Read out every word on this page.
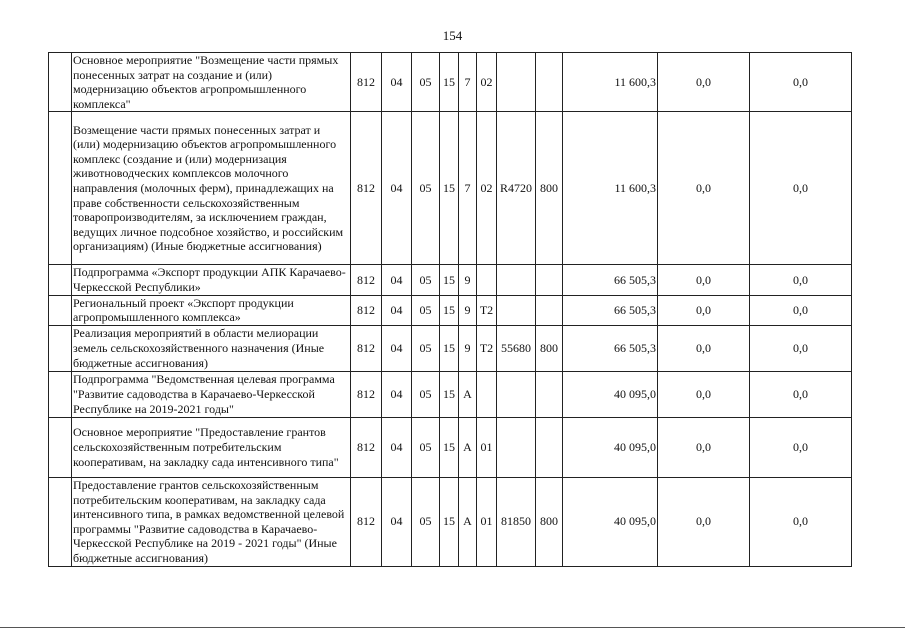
154
	Основное мероприятие "Возмещение части прямых понесенных затрат на создание и (или) модернизацию объектов агропромышленного комплекса"	812	04	05	15	7	02			11 600,3	0,0	0,0
	Возмещение части прямых понесенных затрат и (или) модернизацию объектов агропромышленного комплекс (создание и (или) модернизация животноводческих комплексов молочного направления (молочных ферм), принадлежащих на праве собственности сельскохозяйственным товаропроизводителям, за исключением граждан, ведущих личное подсобное хозяйство, и российским организациям) (Иные бюджетные ассигнования)	812	04	05	15	7	02	R4720	800	11 600,3	0,0	0,0
	Подпрограмма «Экспорт продукции АПК Карачаево-Черкесской Республики»	812	04	05	15	9				66 505,3	0,0	0,0
	Региональный проект «Экспорт продукции агропромышленного комплекса»	812	04	05	15	9	T2			66 505,3	0,0	0,0
	Реализация мероприятий в области мелиорации земель сельскохозяйственного назначения (Иные бюджетные ассигнования)	812	04	05	15	9	T2	55680	800	66 505,3	0,0	0,0
	Подпрограмма "Ведомственная целевая программа "Развитие садоводства в Карачаево-Черкесской Республике на 2019-2021 годы"	812	04	05	15	А				40 095,0	0,0	0,0
	Основное мероприятие "Предоставление грантов сельскохозяйственным потребительским кооперативам, на закладку сада интенсивного типа"	812	04	05	15	А	01			40 095,0	0,0	0,0
	Предоставление грантов сельскохозяйственным потребительским кооперативам, на закладку сада интенсивного типа, в рамках ведомственной целевой программы "Развитие садоводства в Карачаево-Черкесской Республике на 2019 - 2021 годы" (Иные бюджетные ассигнования)	812	04	05	15	А	01	81850	800	40 095,0	0,0	0,0
